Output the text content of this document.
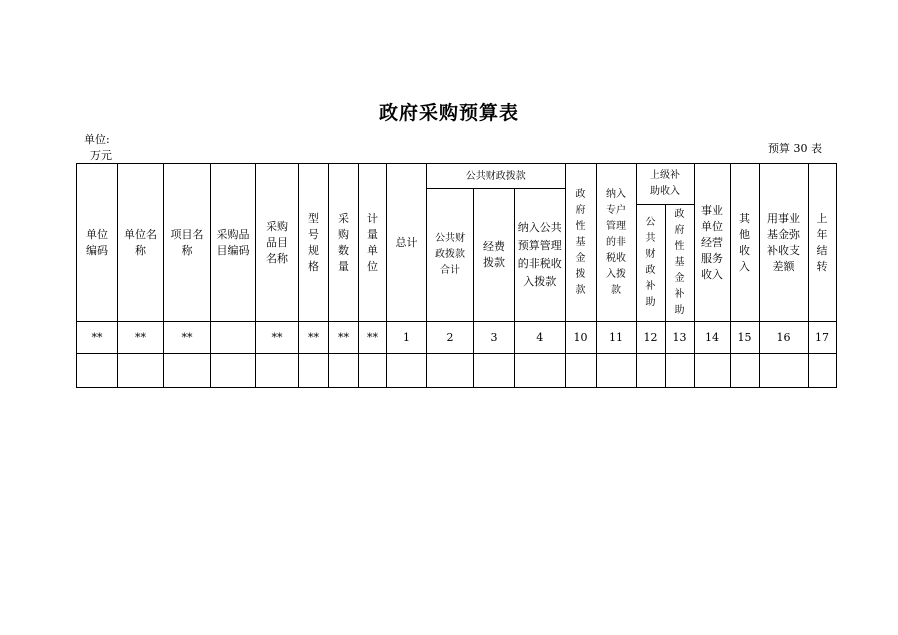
政府采购预算表
单位:
万元
预算 30 表
单位编码	单位名称	项目名称	采购品目编码	采购品目名称	型号规格	采购数量	计量单位	总计	公共财政拨款			政府性基金拨款	纳入专户管理的非税收入拨款	上级补助收入		事业单位经营服务收入	其他收入	用事业基金弥补收支差额	上年结转
									公共财政拨款合计	经费拨款	纳入公共预算管理的非税收入拨款								
														公共财政补助	政府性基金补助				
**	**	**		**	**	**	**	1	2	3	4	10	11	12	13	14	15	16	17
